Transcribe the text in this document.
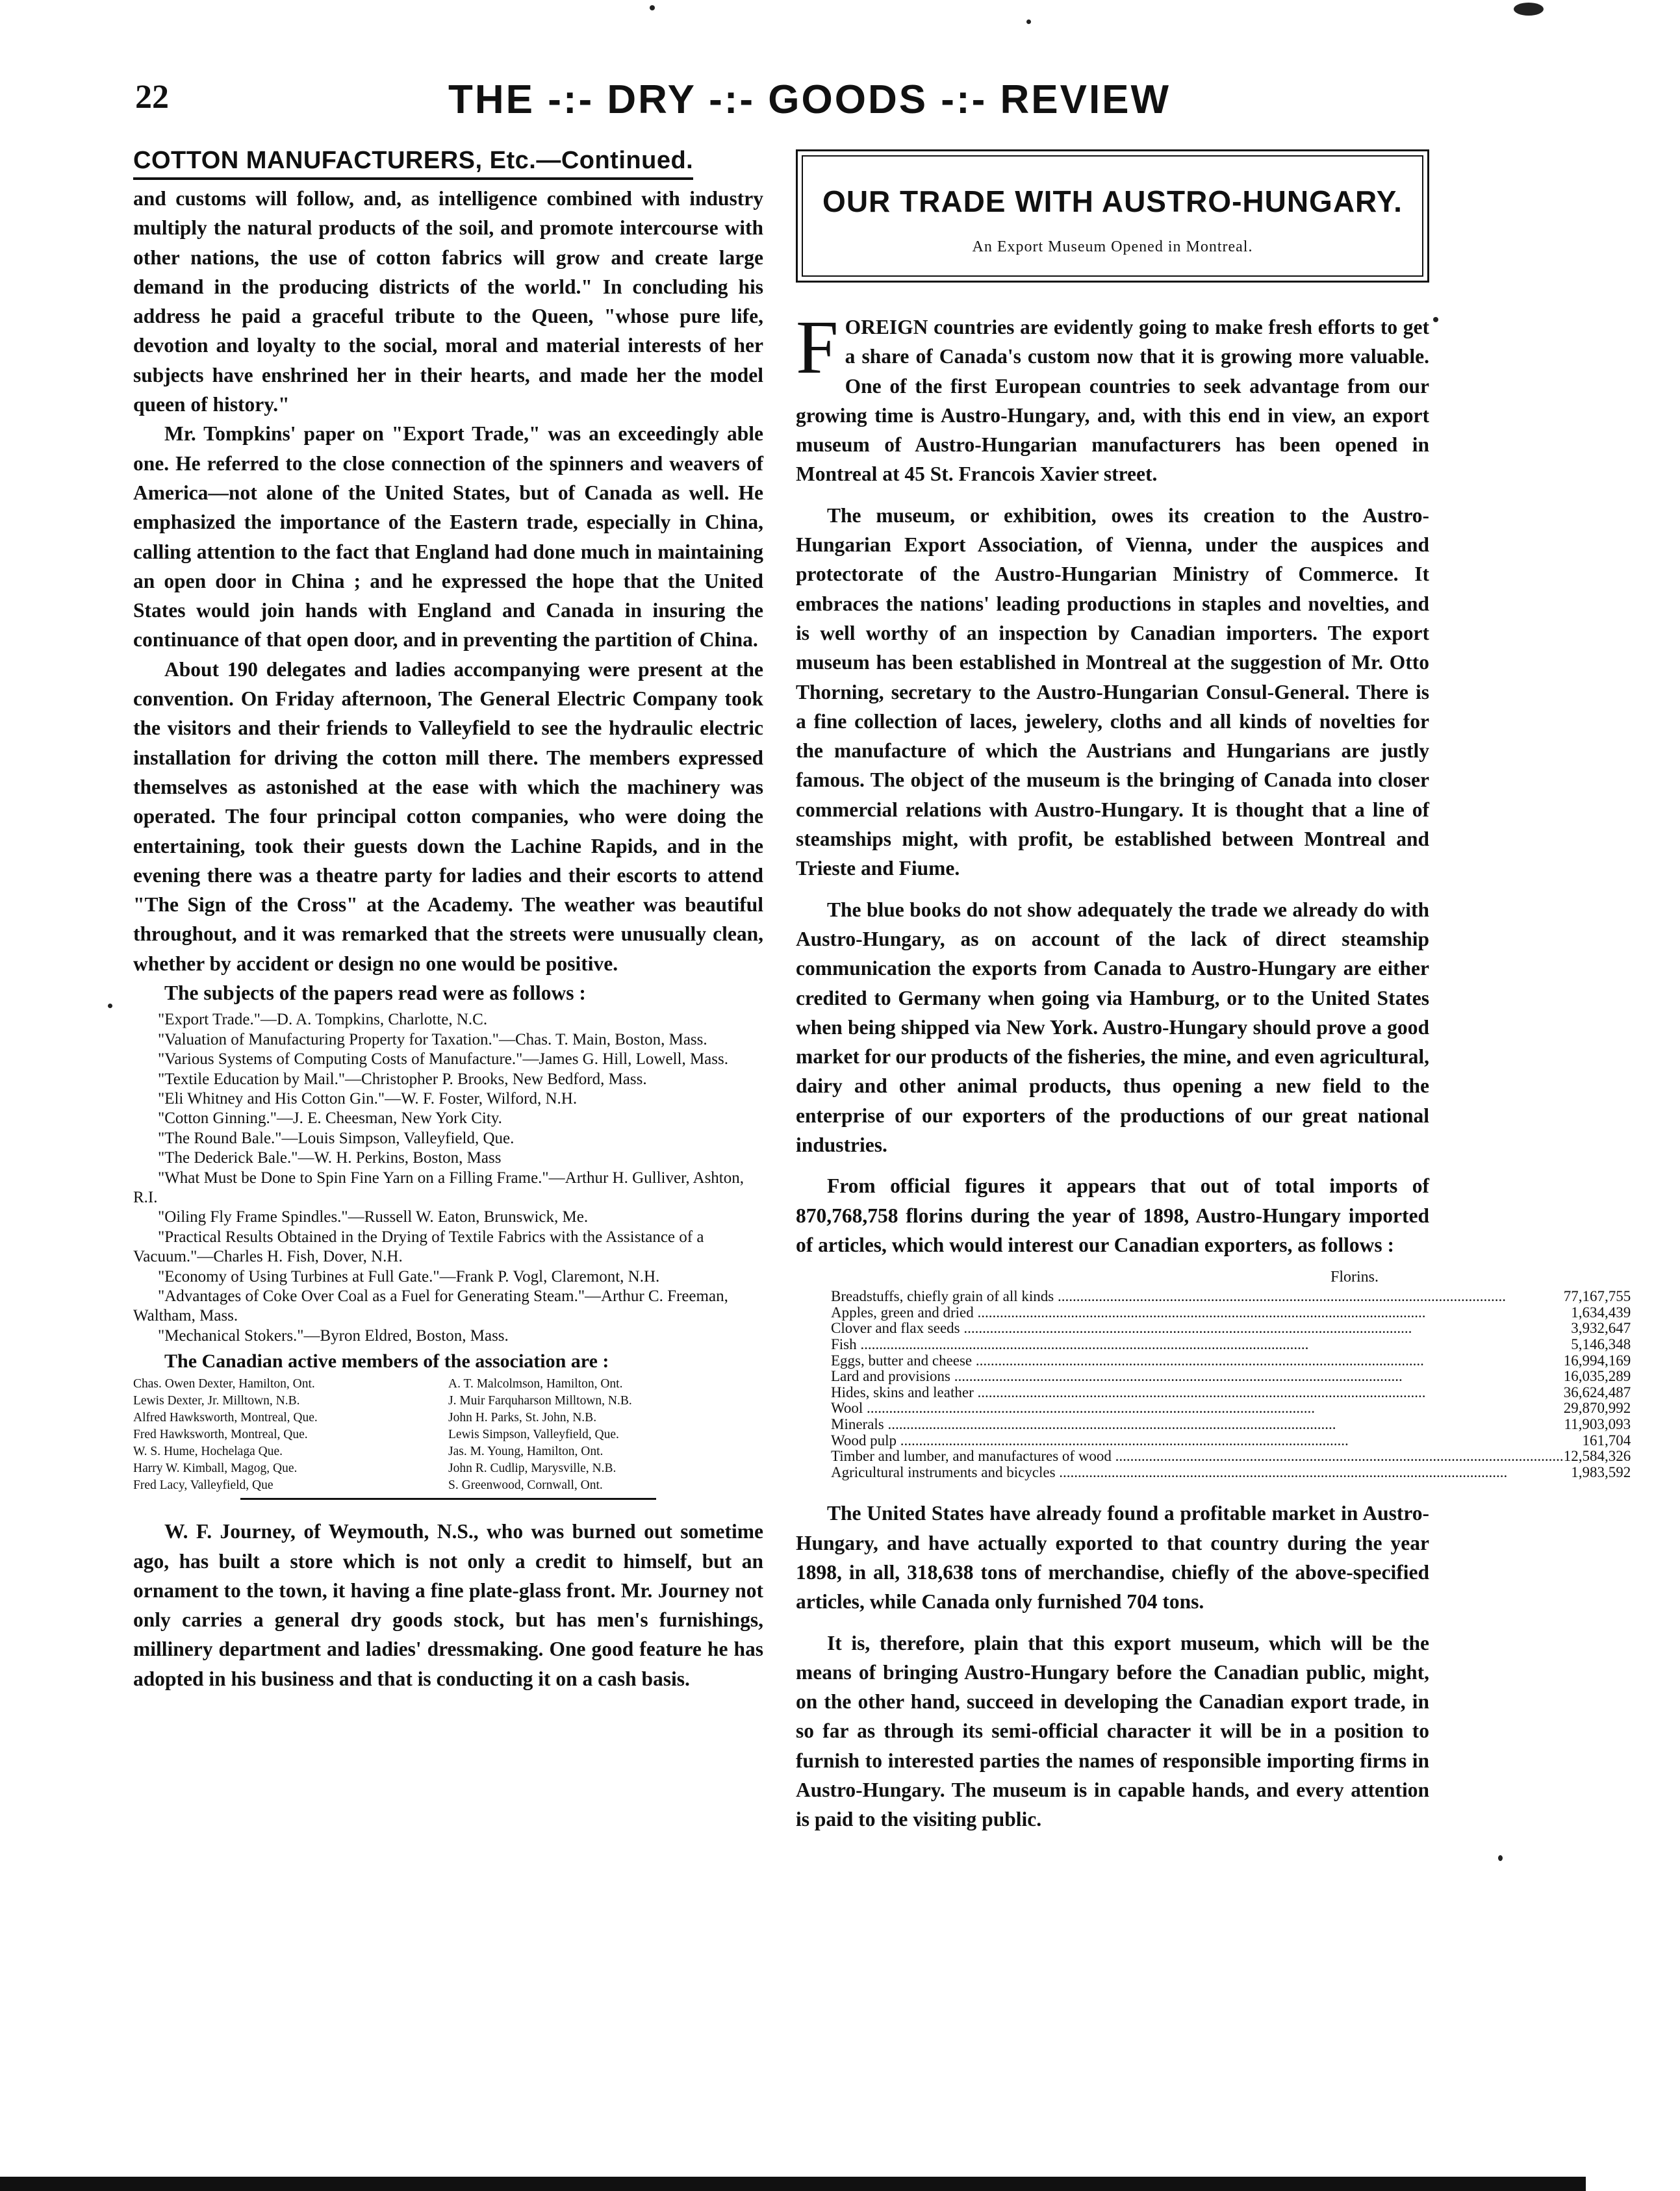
22	THE -:- DRY -:- GOODS -:- REVIEW
COTTON MANUFACTURERS, Etc.—Continued.

and customs will follow, and, as intelligence combined with industry multiply the natural products of the soil, and promote intercourse with other nations, the use of cotton fabrics will grow and create large demand in the producing districts of the world." In concluding his address he paid a graceful tribute to the Queen, "whose pure life, devotion and loyalty to the social, moral and material interests of her subjects have enshrined her in their hearts, and made her the model queen of history."

Mr. Tompkins' paper on "Export Trade," was an exceedingly able one. He referred to the close connection of the spinners and weavers of America—not alone of the United States, but of Canada as well. He emphasized the importance of the Eastern trade, especially in China, calling attention to the fact that England had done much in maintaining an open door in China ; and he expressed the hope that the United States would join hands with England and Canada in insuring the continuance of that open door, and in preventing the partition of China.

About 190 delegates and ladies accompanying were present at the convention. On Friday afternoon, The General Electric Company took the visitors and their friends to Valleyfield to see the hydraulic electric installation for driving the cotton mill there. The members expressed themselves as astonished at the ease with which the machinery was operated. The four principal cotton companies, who were doing the entertaining, took their guests down the Lachine Rapids, and in the evening there was a theatre party for ladies and their escorts to attend "The Sign of the Cross" at the Academy. The weather was beautiful throughout, and it was remarked that the streets were unusually clean, whether by accident or design no one would be positive.

The subjects of the papers read were as follows :

"Export Trade."—D. A. Tompkins, Charlotte, N.C.

"Valuation of Manufacturing Property for Taxation."—Chas. T. Main, Boston, Mass.

"Various Systems of Computing Costs of Manufacture."—James G. Hill, Lowell, Mass.

"Textile Education by Mail."—Christopher P. Brooks, New Bedford, Mass.

"Eli Whitney and His Cotton Gin."—W. F. Foster, Wilford, N.H.

"Cotton Ginning."—J. E. Cheesman, New York City.

"The Round Bale."—Louis Simpson, Valleyfield, Que.

"The Dederick Bale."—W. H. Perkins, Boston, Mass

"What Must be Done to Spin Fine Yarn on a Filling Frame."—Arthur H. Gulliver, Ashton, R.I.

"Oiling Fly Frame Spindles."—Russell W. Eaton, Brunswick, Me.

"Practical Results Obtained in the Drying of Textile Fabrics with the Assistance of a Vacuum."—Charles H. Fish, Dover, N.H.

"Economy of Using Turbines at Full Gate."—Frank P. Vogl, Claremont, N.H.

"Advantages of Coke Over Coal as a Fuel for Generating Steam."—Arthur C. Freeman, Waltham, Mass.

"Mechanical Stokers."—Byron Eldred, Boston, Mass.

The Canadian active members of the association are :
Chas. Owen Dexter, Hamilton, Ont.	A. T. Malcolmson, Hamilton, Ont.
Lewis Dexter, Jr. Milltown, N.B.	J. Muir Farquharson Milltown, N.B.
Alfred Hawksworth, Montreal, Que.	John H. Parks, St. John, N.B.
Fred Hawksworth, Montreal, Que.	Lewis Simpson, Valleyfield, Que.
W. S. Hume, Hochelaga Que.	Jas. M. Young, Hamilton, Ont.
Harry W. Kimball, Magog, Que.	John R. Cudlip, Marysville, N.B.
Fred Lacy, Valleyfield, Que	S. Greenwood, Cornwall, Ont.

W. F. Journey, of Weymouth, N.S., who was burned out sometime ago, has built a store which is not only a credit to himself, but an ornament to the town, it having a fine plate-glass front. Mr. Journey not only carries a general dry goods stock, but has men's furnishings, millinery department and ladies' dressmaking. One good feature he has adopted in his business and that is conducting it on a cash basis.

OUR TRADE WITH AUSTRO-HUNGARY.
An Export Museum Opened in Montreal.

FOREIGN countries are evidently going to make fresh efforts to get a share of Canada's custom now that it is growing more valuable. One of the first European countries to seek advantage from our growing time is Austro-Hungary, and, with this end in view, an export museum of Austro-Hungarian manufacturers has been opened in Montreal at 45 St. Francois Xavier street.

The museum, or exhibition, owes its creation to the Austro-Hungarian Export Association, of Vienna, under the auspices and protectorate of the Austro-Hungarian Ministry of Commerce. It embraces the nations' leading productions in staples and novelties, and is well worthy of an inspection by Canadian importers. The export museum has been established in Montreal at the suggestion of Mr. Otto Thorning, secretary to the Austro-Hungarian Consul-General. There is a fine collection of laces, jewelery, cloths and all kinds of novelties for the manufacture of which the Austrians and Hungarians are justly famous. The object of the museum is the bringing of Canada into closer commercial relations with Austro-Hungary. It is thought that a line of steamships might, with profit, be established between Montreal and Trieste and Fiume.

The blue books do not show adequately the trade we already do with Austro-Hungary, as on account of the lack of direct steamship communication the exports from Canada to Austro-Hungary are either credited to Germany when going via Hamburg, or to the United States when being shipped via New York. Austro-Hungary should prove a good market for our products of the fisheries, the mine, and even agricultural, dairy and other animal products, thus opening a new field to the enterprise of our exporters of the productions of our great national industries.

From official figures it appears that out of total imports of 870,768,758 florins during the year of 1898, Austro-Hungary imported of articles, which would interest our Canadian exporters, as follows :

Florins.
Breadstuffs, chiefly grain of all kinds ........................................................................................................................	77,167,755
Apples, green and dried ........................................................................................................................	1,634,439
Clover and flax seeds ........................................................................................................................	3,932,647
Fish ........................................................................................................................	5,146,348
Eggs, butter and cheese ........................................................................................................................	16,994,169
Lard and provisions ........................................................................................................................	16,035,289
Hides, skins and leather ........................................................................................................................	36,624,487
Wool ........................................................................................................................	29,870,992
Minerals ........................................................................................................................	11,903,093
Wood pulp ........................................................................................................................	161,704
Timber and lumber, and manufactures of wood ........................................................................................................................	12,584,326
Agricultural instruments and bicycles ........................................................................................................................	1,983,592

The United States have already found a profitable market in Austro-Hungary, and have actually exported to that country during the year 1898, in all, 318,638 tons of merchandise, chiefly of the above-specified articles, while Canada only furnished 704 tons.

It is, therefore, plain that this export museum, which will be the means of bringing Austro-Hungary before the Canadian public, might, on the other hand, succeed in developing the Canadian export trade, in so far as through its semi-official character it will be in a position to furnish to interested parties the names of responsible importing firms in Austro-Hungary. The museum is in capable hands, and every attention is paid to the visiting public.
